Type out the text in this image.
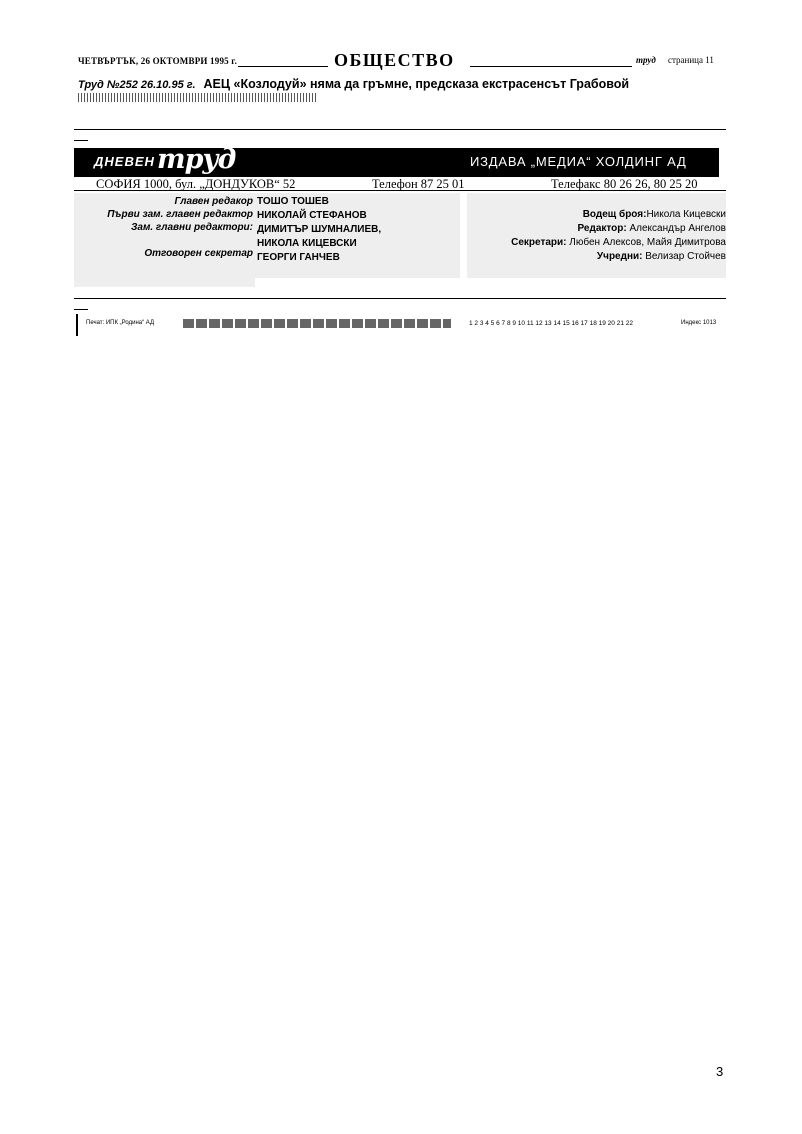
ЧЕТВЪРТЪК, 26 ОКТОМВРИ 1995 г.	ОБЩЕСТВО	труд страница 11
Труд №252 26.10.95 г. АЕЦ «Козлодуй» няма да гръмне, предсказа екстрасенсът Грабовой
ДНЕВЕН труд	ИЗДАВА „МЕДИА“ ХОЛДИНГ АД
СОФИЯ 1000, бул. „ДОНДУКОВ“ 52	Телефон 87 25 01	Телефакс 80 26 26, 80 25 20
Главен редакор ТОШО ТОШЕВ
Първи зам. главен редактор НИКОЛАЙ СТЕФАНОВ
Зам. главни редактори: ДИМИТЪР ШУМНАЛИЕВ,
НИКОЛА КИЦЕВСКИ
Отговорен секретар ГЕОРГИ ГАНЧЕВ
Водещ броя:Никола Кицевски
Редактор: Александър Ангелов
Секретари: Любен Алексов, Майя Димитрова
Учредни: Велизар Стойчев
Печат: ИПК „Родина“ АД	1 2 3 4 5 6 7 8 9 10 11 12 13 14 15 16 17 18 19 20 21 22	Индекс 1013
3
